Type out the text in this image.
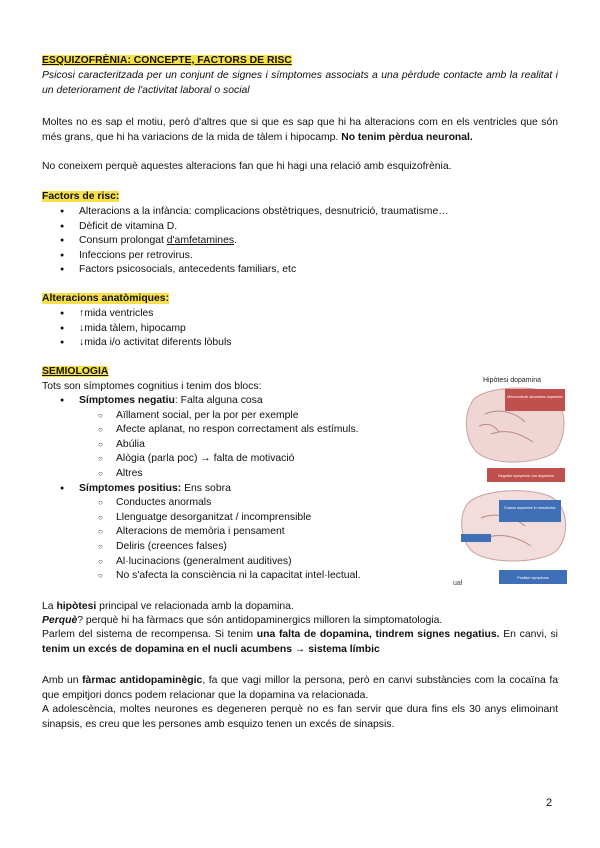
ESQUIZOFRÈNIA: CONCEPTE, FACTORS DE RISC
Psicosi caracteritzada per un conjunt de signes i símptomes associats a una pèrdude contacte amb la realitat i un deteriorament de l'activitat laboral o social
Moltes no es sap el motiu, però d'altres que si que es sap que hi ha alteracions com en els ventricles que són més grans, que hi ha variacions de la mida de tàlem i hipocamp. No tenim pèrdua neuronal.
No coneixem perquè aquestes alteracions fan que hi hagi una relació amb esquizofrènia.
Factors de risc:
● Alteracions a la infància: complicacions obstètriques, desnutrició, traumatisme…
● Dèficit de vitamina D.
● Consum prolongat d'amfetamines.
● Infeccions per retrovirus.
● Factors psicosocials, antecedents familiars, etc
Alteracions anatòmiques:
● ↑mida ventricles
● ↓mida tàlem, hipocamp
● ↓mida i/o activitat diferents lòbuls
SEMIOLOGIA
Tots son símptomes cognitius i tenim dos blocs:
● Símptomes negatiu: Falta alguna cosa
○ Aïllament social, per la por per exemple
○ Afecte aplanat, no respon correctament als estímuls.
○ Abúlia
○ Alògia (parla poc) → falta de motivació
○ Altres
● Símptomes positius: Ens sobra
○ Conductes anormals
○ Llenguatge desorganitzat / incomprensible
○ Alteracions de memòria i pensament
○ Deliris (creences falses)
○ Al·lucinacions (generalment auditives)
○ No s'afecta la consciència ni la capacitat intel·lectual.
Hipòtesi dopamina
Mesocortical: decreases dopamine
Negative symptoms: low dopamine
Excess dopamine in mesolimbic
Positive symptoms
ual
La hipòtesi principal ve relacionada amb la dopamina.
Perquè? perquè hi ha fàrmacs que són antidopaminergics milloren la simptomatologia.
Parlem del sistema de recompensa. Si tenim una falta de dopamina, tindrem signes negatius. En canvi, si tenim un excés de dopamina en el nucli acumbens → sistema límbic
Amb un fàrmac antidopaminègic, fa que vagi millor la persona, però en canvi substàncies com la cocaïna fa que empitjori doncs podem relacionar que la dopamina va relacionada.
A adolescència, moltes neurones es degeneren perquè no es fan servir que dura fins els 30 anys elimoinant sinapsis, es creu que les persones amb esquizo tenen un excés de sinapsis.
2
